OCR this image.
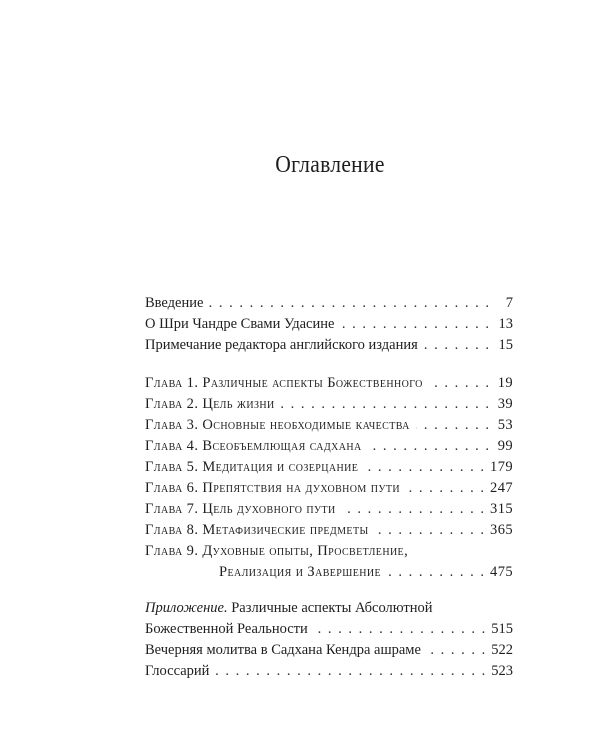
Оглавление
Введение . . .	7
О Шри Чандре Свами Удасине . . .	13
Примечание редактора английского издания . . .	15
Глава 1. Различные аспекты Божественного . . .	19
Глава 2. Цель жизни . . .	39
Глава 3. Основные необходимые качества . . .	53
Глава 4. Всеобъемлющая садхана . . .	99
Глава 5. Медитация и созерцание . . .	179
Глава 6. Препятствия на духовном пути . . .	247
Глава 7. Цель духовного пути . . .	315
Глава 8. Метафизические предметы . . .	365
Глава 9. Духовные опыты, Просветление,
Реализация и Завершение . . .	475
Приложение. Различные аспекты Абсолютной
Божественной Реальности . . .	515
Вечерняя молитва в Садхана Кендра ашраме . . .	522
Глоссарий . . .	523
